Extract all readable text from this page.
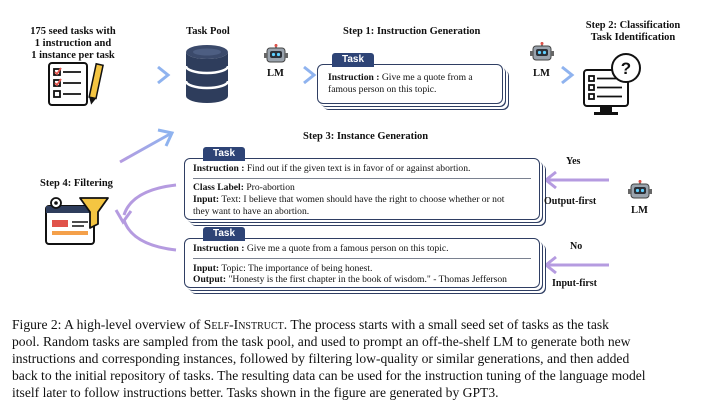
175 seed tasks with
1 instruction and
1 instance per task
Task Pool
LM
Step 1: Instruction Generation
Task
Instruction : Give me a quote from a
famous person on this topic.
LM
Step 2: Classification
Task Identification
?
Step 3: Instance Generation
Task
Instruction : Find out if the given text is in favor of or against abortion.
Class Label: Pro-abortion
Input: Text: I believe that women should have the right to choose whether or not
they want to have an abortion.
Task
Instruction : Give me a quote from a famous person on this topic.
Input: Topic: The importance of being honest.
Output: "Honesty is the first chapter in the book of wisdom." - Thomas Jefferson
Yes
Output-first
No
Input-first
LM
Step 4: Filtering
Figure 2: A high-level overview of Self-Instruct. The process starts with a small seed set of tasks as the task
pool. Random tasks are sampled from the task pool, and used to prompt an off-the-shelf LM to generate both new
instructions and corresponding instances, followed by filtering low-quality or similar generations, and then added
back to the initial repository of tasks. The resulting data can be used for the instruction tuning of the language model
itself later to follow instructions better. Tasks shown in the figure are generated by GPT3.
